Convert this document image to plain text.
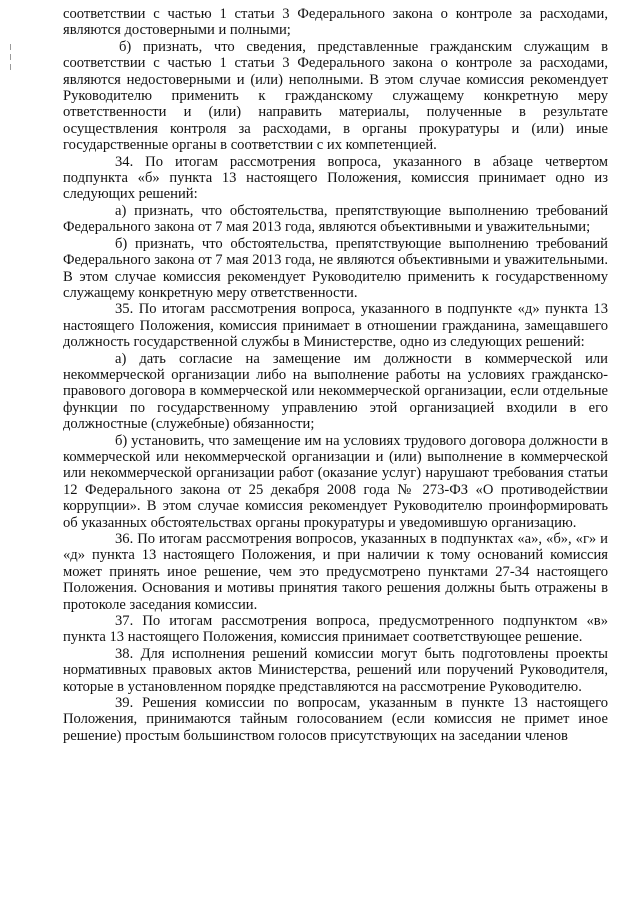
соответствии с частью 1 статьи 3 Федерального закона о контроле за расходами, являются достоверными и полными;

б) признать, что сведения, представленные гражданским служащим в соответствии с частью 1 статьи 3 Федерального закона о контроле за расходами, являются недостоверными и (или) неполными. В этом случае комиссия рекомендует Руководителю применить к гражданскому служащему конкретную меру ответственности и (или) направить материалы, полученные в результате осуществления контроля за расходами, в органы прокуратуры и (или) иные государственные органы в соответствии с их компетенцией.

34. По итогам рассмотрения вопроса, указанного в абзаце четвертом подпункта «б» пункта 13 настоящего Положения, комиссия принимает одно из следующих решений:

а) признать, что обстоятельства, препятствующие выполнению требований Федерального закона от 7 мая 2013 года, являются объективными и уважительными;

б) признать, что обстоятельства, препятствующие выполнению требований Федерального закона от 7 мая 2013 года, не являются объективными и уважительными. В этом случае комиссия рекомендует Руководителю применить к государственному служащему конкретную меру ответственности.

35. По итогам рассмотрения вопроса, указанного в подпункте «д» пункта 13 настоящего Положения, комиссия принимает в отношении гражданина, замещавшего должность государственной службы в Министерстве, одно из следующих решений:

а) дать согласие на замещение им должности в коммерческой или некоммерческой организации либо на выполнение работы на условиях гражданско-правового договора в коммерческой или некоммерческой организации, если отдельные функции по государственному управлению этой организацией входили в его должностные (служебные) обязанности;

б) установить, что замещение им на условиях трудового договора должности в коммерческой или некоммерческой организации и (или) выполнение в коммерческой или некоммерческой организации работ (оказание услуг) нарушают требования статьи 12 Федерального закона от 25 декабря 2008 года № 273-ФЗ «О противодействии коррупции». В этом случае комиссия рекомендует Руководителю проинформировать об указанных обстоятельствах органы прокуратуры и уведомившую организацию.

36. По итогам рассмотрения вопросов, указанных в подпунктах «а», «б», «г» и «д» пункта 13 настоящего Положения, и при наличии к тому оснований комиссия может принять иное решение, чем это предусмотрено пунктами 27-34 настоящего Положения. Основания и мотивы принятия такого решения должны быть отражены в протоколе заседания комиссии.

37. По итогам рассмотрения вопроса, предусмотренного подпунктом «в» пункта 13 настоящего Положения, комиссия принимает соответствующее решение.

38. Для исполнения решений комиссии могут быть подготовлены проекты нормативных правовых актов Министерства, решений или поручений Руководителя, которые в установленном порядке представляются на рассмотрение Руководителю.

39. Решения комиссии по вопросам, указанным в пункте 13 настоящего Положения, принимаются тайным голосованием (если комиссия не примет иное решение) простым большинством голосов присутствующих на заседании членов
